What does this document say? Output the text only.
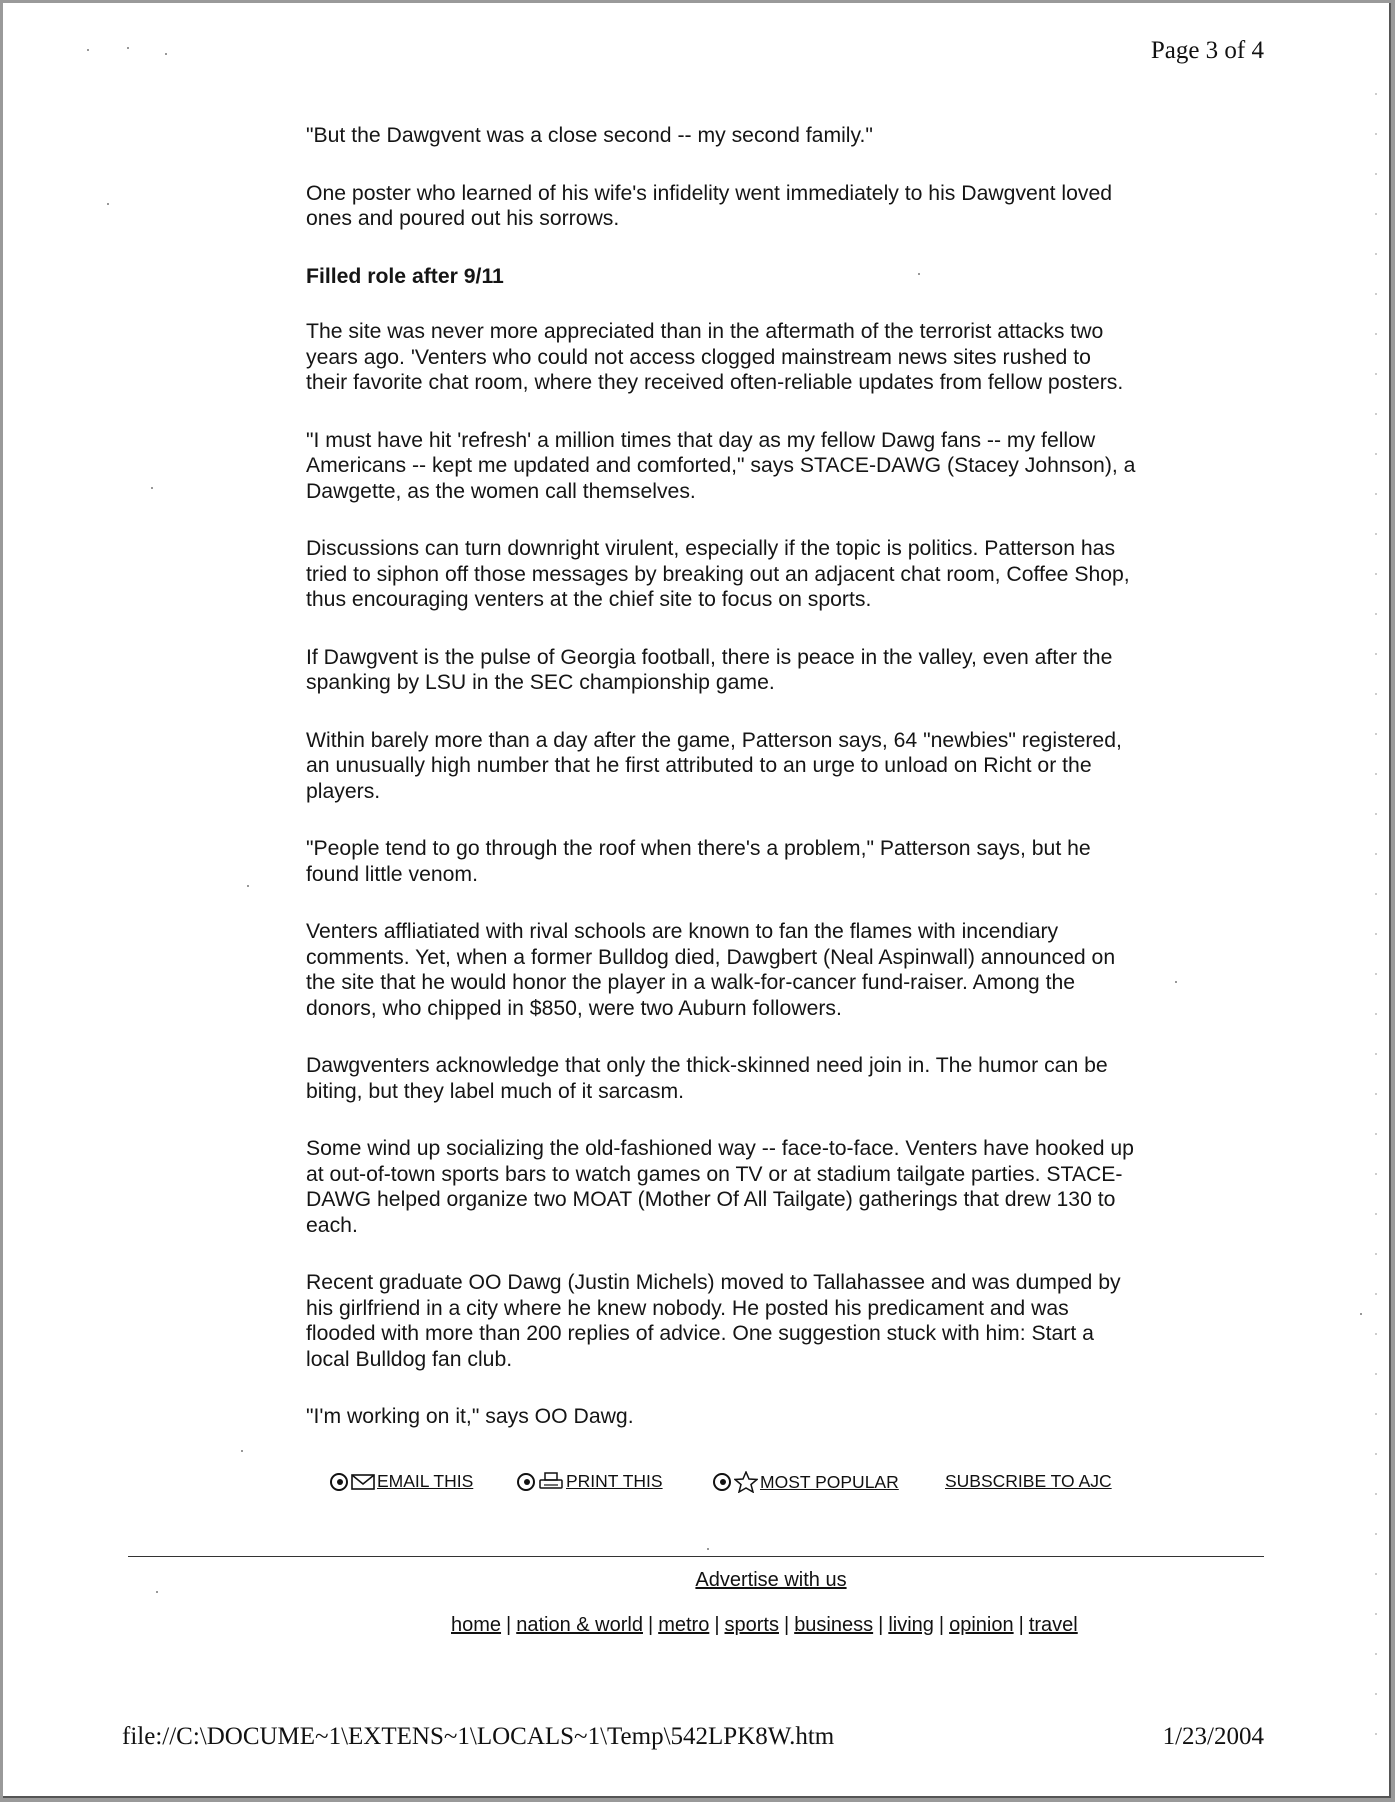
Page 3 of 4

"But the Dawgvent was a close second -- my second family."

One poster who learned of his wife's infidelity went immediately to his Dawgvent loved ones and poured out his sorrows.

Filled role after 9/11

The site was never more appreciated than in the aftermath of the terrorist attacks two years ago. 'Venters who could not access clogged mainstream news sites rushed to their favorite chat room, where they received often-reliable updates from fellow posters.

"I must have hit 'refresh' a million times that day as my fellow Dawg fans -- my fellow Americans -- kept me updated and comforted," says STACE-DAWG (Stacey Johnson), a Dawgette, as the women call themselves.

Discussions can turn downright virulent, especially if the topic is politics. Patterson has tried to siphon off those messages by breaking out an adjacent chat room, Coffee Shop, thus encouraging venters at the chief site to focus on sports.

If Dawgvent is the pulse of Georgia football, there is peace in the valley, even after the spanking by LSU in the SEC championship game.

Within barely more than a day after the game, Patterson says, 64 "newbies" registered, an unusually high number that he first attributed to an urge to unload on Richt or the players.

"People tend to go through the roof when there's a problem," Patterson says, but he found little venom.

Venters affliatiated with rival schools are known to fan the flames with incendiary comments. Yet, when a former Bulldog died, Dawgbert (Neal Aspinwall) announced on the site that he would honor the player in a walk-for-cancer fund-raiser. Among the donors, who chipped in $850, were two Auburn followers.

Dawgventers acknowledge that only the thick-skinned need join in. The humor can be biting, but they label much of it sarcasm.

Some wind up socializing the old-fashioned way -- face-to-face. Venters have hooked up at out-of-town sports bars to watch games on TV or at stadium tailgate parties. STACE-DAWG helped organize two MOAT (Mother Of All Tailgate) gatherings that drew 130 to each.

Recent graduate OO Dawg (Justin Michels) moved to Tallahassee and was dumped by his girlfriend in a city where he knew nobody. He posted his predicament and was flooded with more than 200 replies of advice. One suggestion stuck with him: Start a local Bulldog fan club.

"I'm working on it," says OO Dawg.

EMAIL THIS	PRINT THIS	MOST POPULAR	SUBSCRIBE TO AJC
Advertise with us
home | nation & world | metro | sports | business | living | opinion | travel
file://C:\DOCUME~1\EXTENS~1\LOCALS~1\Temp\542LPK8W.htm	1/23/2004
